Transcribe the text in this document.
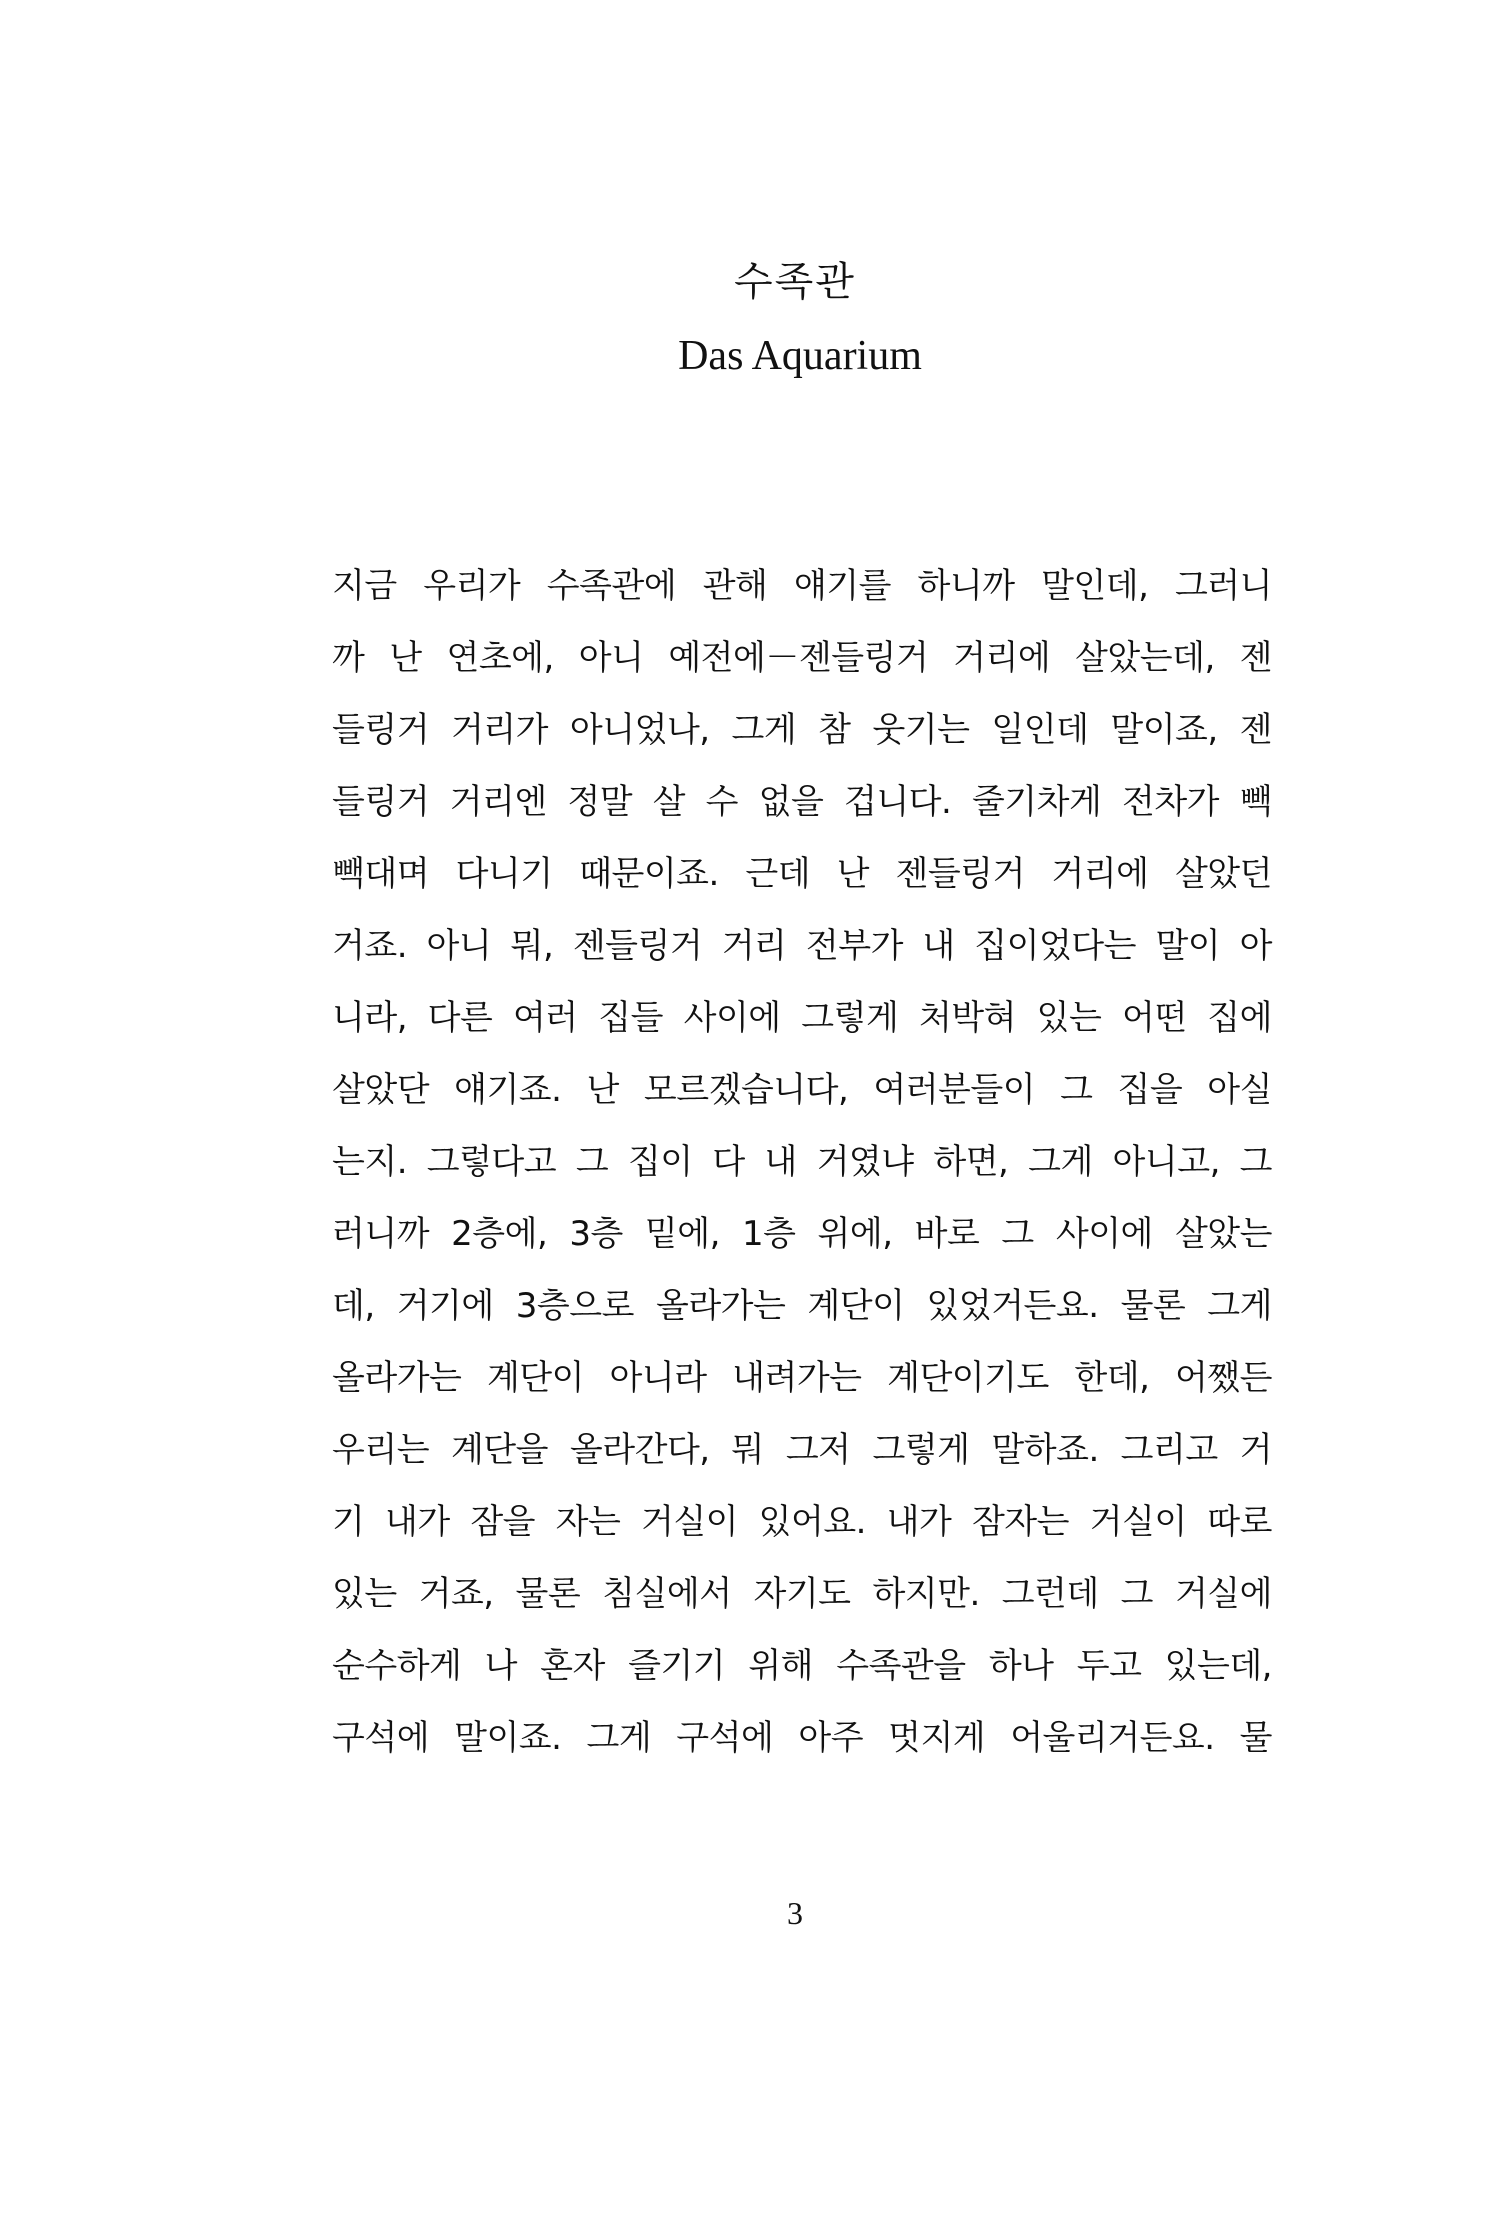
수족관
Das Aquarium
지금 우리가 수족관에 관해 얘기를 하니까 말인데, 그러니
까 난 연초에, 아니 예전에－젠들링거 거리에 살았는데, 젠
들링거 거리가 아니었나, 그게 참 웃기는 일인데 말이죠, 젠
들링거 거리엔 정말 살 수 없을 겁니다. 줄기차게 전차가 빽
빽대며 다니기 때문이죠. 근데 난 젠들링거 거리에 살았던
거죠. 아니 뭐, 젠들링거 거리 전부가 내 집이었다는 말이 아
니라, 다른 여러 집들 사이에 그렇게 처박혀 있는 어떤 집에
살았단 얘기죠. 난 모르겠습니다, 여러분들이 그 집을 아실
는지. 그렇다고 그 집이 다 내 거였냐 하면, 그게 아니고, 그
러니까 2층에, 3층 밑에, 1층 위에, 바로 그 사이에 살았는
데, 거기에 3층으로 올라가는 계단이 있었거든요. 물론 그게
올라가는 계단이 아니라 내려가는 계단이기도 한데, 어쨌든
우리는 계단을 올라간다, 뭐 그저 그렇게 말하죠. 그리고 거
기 내가 잠을 자는 거실이 있어요. 내가 잠자는 거실이 따로
있는 거죠, 물론 침실에서 자기도 하지만. 그런데 그 거실에
순수하게 나 혼자 즐기기 위해 수족관을 하나 두고 있는데,
구석에 말이죠. 그게 구석에 아주 멋지게 어울리거든요. 물
3
